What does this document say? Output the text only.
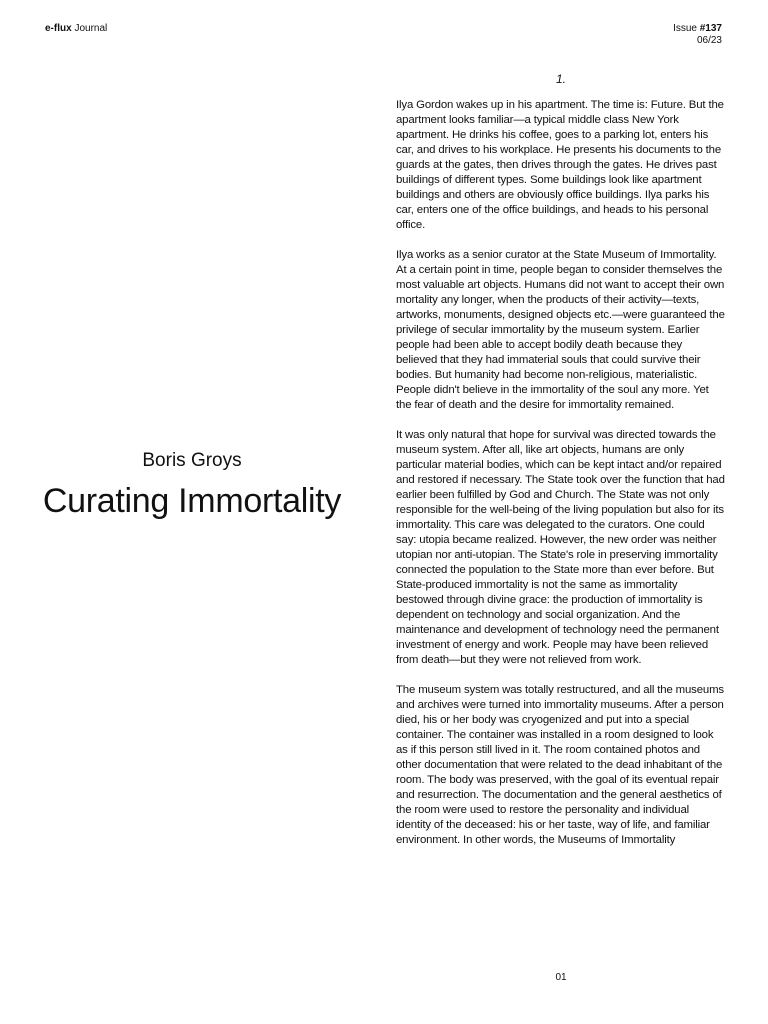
e-flux Journal	Issue #137
06/23
Boris Groys
Curating Immortality
1.

Ilya Gordon wakes up in his apartment. The time is: Future. But the apartment looks familiar—a typical middle class New York apartment. He drinks his coffee, goes to a parking lot, enters his car, and drives to his workplace. He presents his documents to the guards at the gates, then drives through the gates. He drives past buildings of different types. Some buildings look like apartment buildings and others are obviously office buildings. Ilya parks his car, enters one of the office buildings, and heads to his personal office.

Ilya works as a senior curator at the State Museum of Immortality. At a certain point in time, people began to consider themselves the most valuable art objects. Humans did not want to accept their own mortality any longer, when the products of their activity—texts, artworks, monuments, designed objects etc.—were guaranteed the privilege of secular immortality by the museum system. Earlier people had been able to accept bodily death because they believed that they had immaterial souls that could survive their bodies. But humanity had become non-religious, materialistic. People didn't believe in the immortality of the soul any more. Yet the fear of death and the desire for immortality remained.

It was only natural that hope for survival was directed towards the museum system. After all, like art objects, humans are only particular material bodies, which can be kept intact and/or repaired and restored if necessary. The State took over the function that had earlier been fulfilled by God and Church. The State was not only responsible for the well-being of the living population but also for its immortality. This care was delegated to the curators. One could say: utopia became realized. However, the new order was neither utopian nor anti-utopian. The State's role in preserving immortality connected the population to the State more than ever before. But State-produced immortality is not the same as immortality bestowed through divine grace: the production of immortality is dependent on technology and social organization. And the maintenance and development of technology need the permanent investment of energy and work. People may have been relieved from death—but they were not relieved from work.

The museum system was totally restructured, and all the museums and archives were turned into immortality museums. After a person died, his or her body was cryogenized and put into a special container. The container was installed in a room designed to look as if this person still lived in it. The room contained photos and other documentation that were related to the dead inhabitant of the room. The body was preserved, with the goal of its eventual repair and resurrection. The documentation and the general aesthetics of the room were used to restore the personality and individual identity of the deceased: his or her taste, way of life, and familiar environment. In other words, the Museums of Immortality

01
